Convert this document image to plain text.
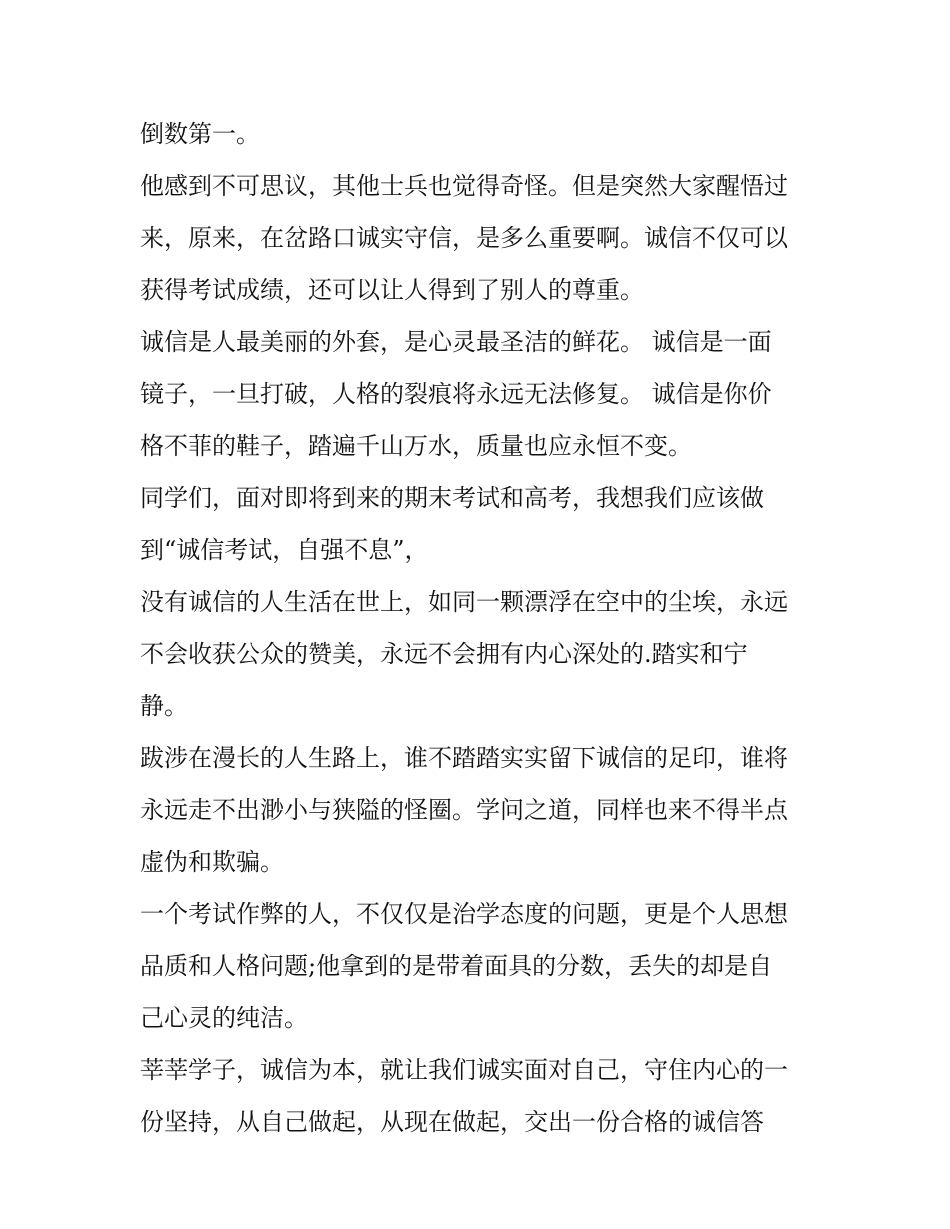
倒数第一。
他感到不可思议，其他士兵也觉得奇怪。但是突然大家醒悟过
来，原来，在岔路口诚实守信，是多么重要啊。诚信不仅可以
获得考试成绩，还可以让人得到了别人的尊重。
诚信是人最美丽的外套，是心灵最圣洁的鲜花。 诚信是一面
镜子，一旦打破，人格的裂痕将永远无法修复。 诚信是你价
格不菲的鞋子，踏遍千山万水，质量也应永恒不变。
同学们，面对即将到来的期末考试和高考，我想我们应该做
到“诚信考试，自强不息”，
没有诚信的人生活在世上，如同一颗漂浮在空中的尘埃，永远
不会收获公众的赞美，永远不会拥有内心深处的.踏实和宁
静。
跋涉在漫长的人生路上，谁不踏踏实实留下诚信的足印，谁将
永远走不出渺小与狭隘的怪圈。学问之道，同样也来不得半点
虚伪和欺骗。
一个考试作弊的人，不仅仅是治学态度的问题，更是个人思想
品质和人格问题;他拿到的是带着面具的分数，丢失的却是自
己心灵的纯洁。
莘莘学子，诚信为本，就让我们诚实面对自己，守住内心的一
份坚持，从自己做起，从现在做起，交出一份合格的诚信答
